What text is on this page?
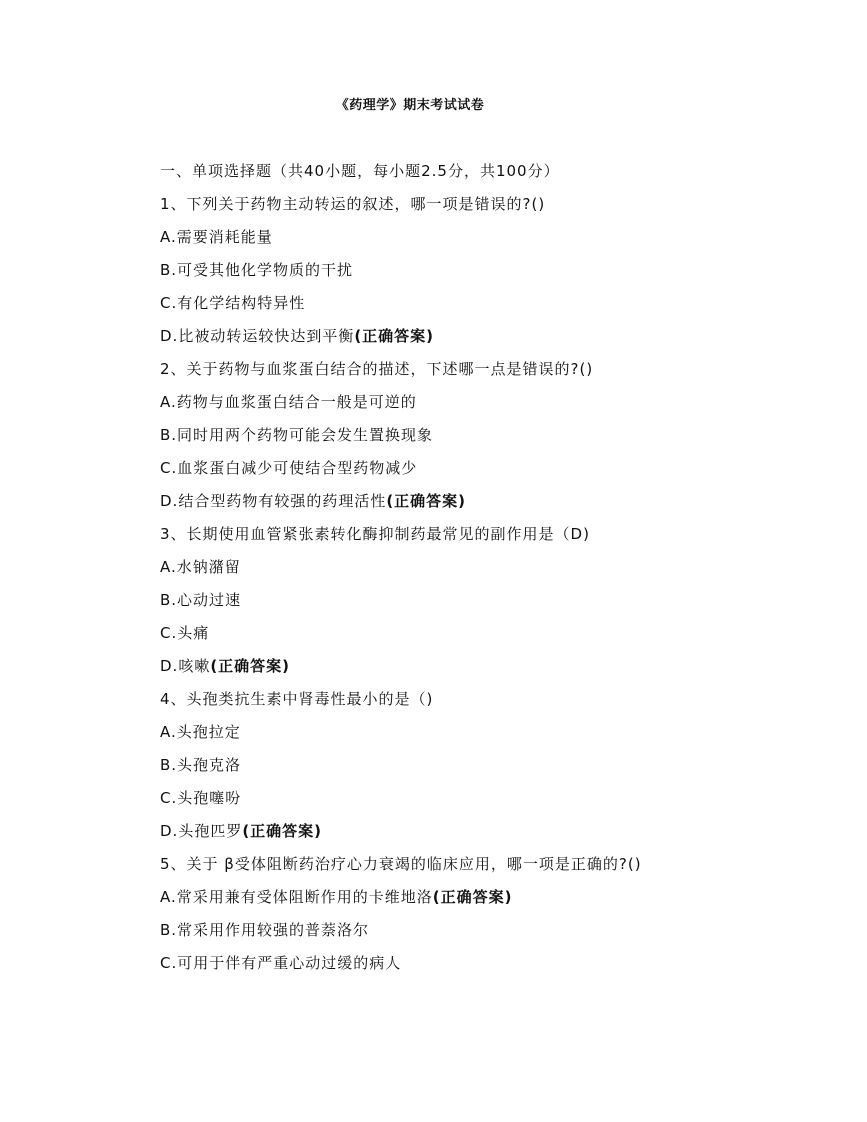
《药理学》期末考试试卷
一、单项选择题（共40小题，每小题2.5分，共100分）
1、下列关于药物主动转运的叙述，哪一项是错误的?()
A.需要消耗能量
B.可受其他化学物质的干扰
C.有化学结构特异性
D.比被动转运较快达到平衡(正确答案)
2、关于药物与血浆蛋白结合的描述，下述哪一点是错误的?()
A.药物与血浆蛋白结合一般是可逆的
B.同时用两个药物可能会发生置换现象
C.血浆蛋白减少可使结合型药物减少
D.结合型药物有较强的药理活性(正确答案)
3、长期使用血管紧张素转化酶抑制药最常见的副作用是（D)
A.水钠潴留
B.心动过速
C.头痛
D.咳嗽(正确答案)
4、头孢类抗生素中肾毒性最小的是（)
A.头孢拉定
B.头孢克洛
C.头孢噻吩
D.头孢匹罗(正确答案)
5、关于 β受体阻断药治疗心力衰竭的临床应用，哪一项是正确的?()
A.常采用兼有受体阻断作用的卡维地洛(正确答案)
B.常采用作用较强的普萘洛尔
C.可用于伴有严重心动过缓的病人
